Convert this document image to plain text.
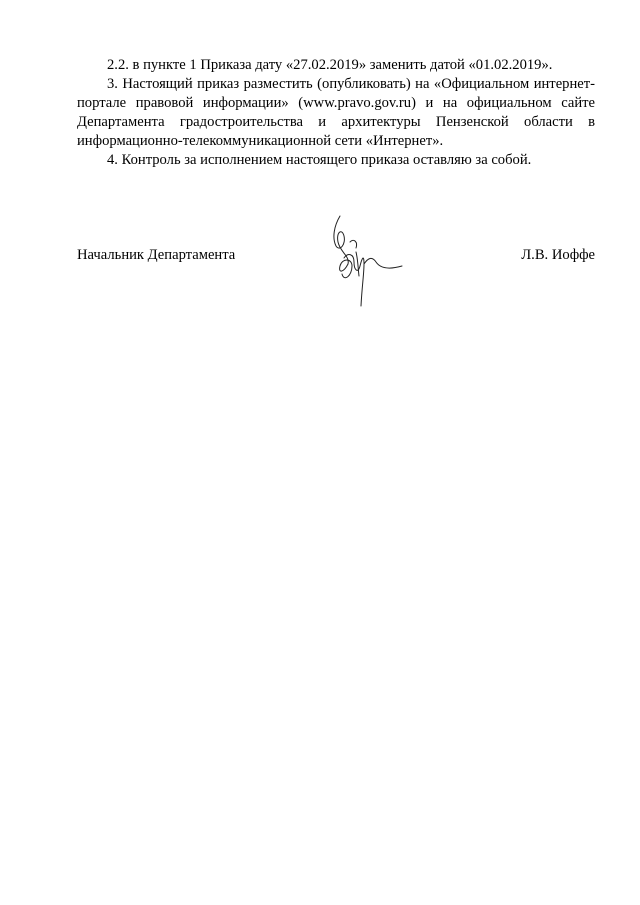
2.2. в пункте 1 Приказа дату «27.02.2019» заменить датой «01.02.2019».

3. Настоящий приказ разместить (опубликовать) на «Официальном интернет-портале правовой информации» (www.pravo.gov.ru) и на официальном сайте Департамента градостроительства и архитектуры Пензенской области в информационно-телекоммуникационной сети «Интернет».

4. Контроль за исполнением настоящего приказа оставляю за собой.

Начальник Департамента	Л.В. Иоффе
